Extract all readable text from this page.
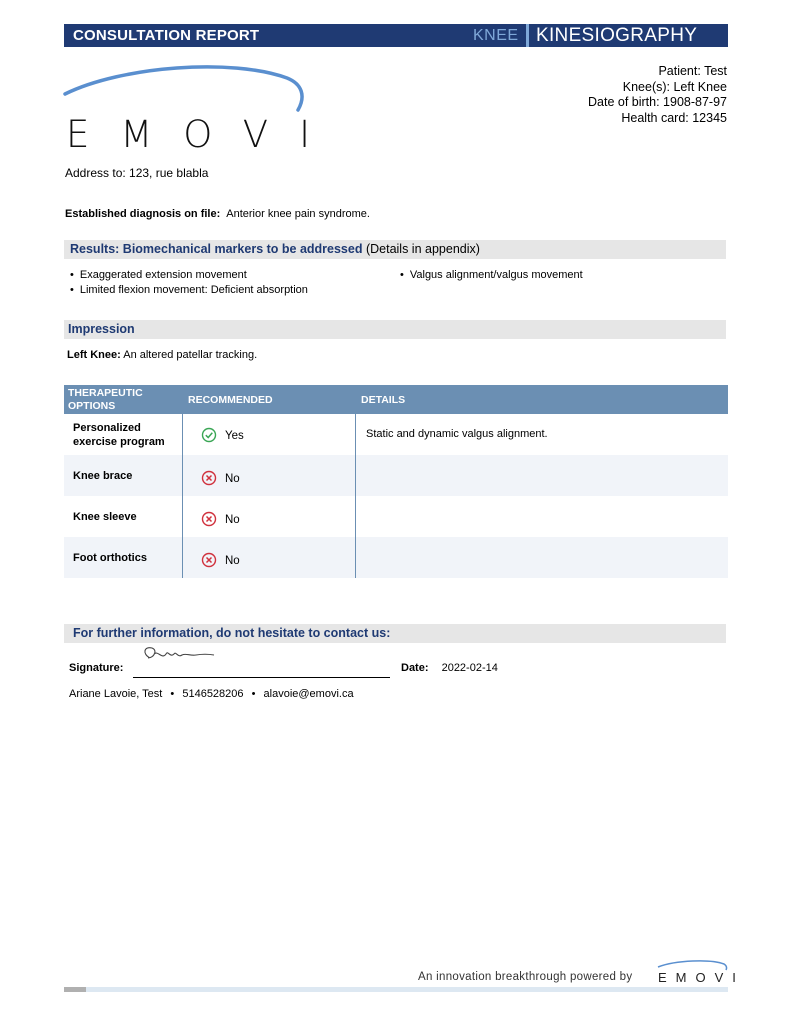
CONSULTATION REPORT	KNEE KINESIOGRAPHY
EMOVI
Patient: Test
Knee(s): Left Knee
Date of birth: 1908-87-97
Health card: 12345
Address to: 123, rue blabla
Established diagnosis on file: Anterior knee pain syndrome.
Results: Biomechanical markers to be addressed (Details in appendix)
• Exaggerated extension movement
• Limited flexion movement: Deficient absorption
• Valgus alignment/valgus movement
Impression
Left Knee: An altered patellar tracking.
THERAPEUTIC OPTIONS	RECOMMENDED	DETAILS
Personalized exercise program	Yes	Static and dynamic valgus alignment.
Knee brace	No
Knee sleeve	No
Foot orthotics	No
For further information, do not hesitate to contact us:
Signature:	Date: 2022-02-14
Ariane Lavoie, Test • 5146528206 • alavoie@emovi.ca
An innovation breakthrough powered by EMOVI
